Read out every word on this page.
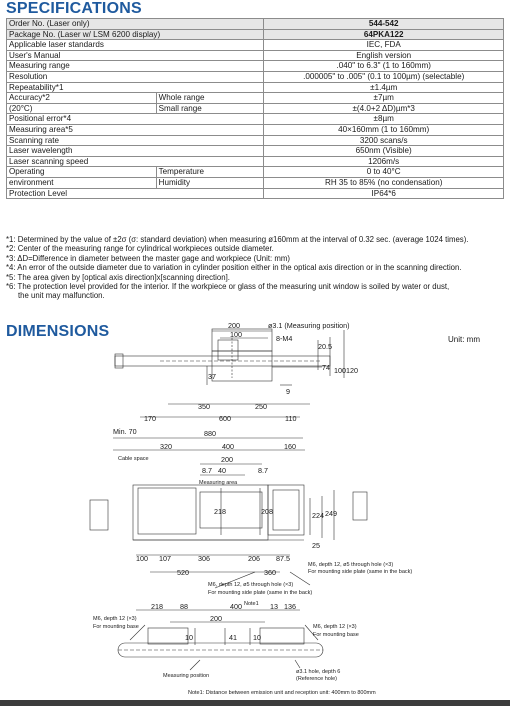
SPECIFICATIONS
Order No. (Laser only)		544-542
Package No. (Laser w/ LSM 6200 display)		64PKA122
Applicable laser standards		IEC, FDA
User's Manual		English version
Measuring range		.040" to 6.3" (1 to 160mm)
Resolution		.000005" to .005" (0.1 to 100µm) (selectable)
Repeatability*1		±1.4µm
Accuracy*2	Whole range	±7µm
(20°C)	Small range	±(4.0+2 ΔD)µm*3
Positional error*4		±8µm
Measuring area*5		40×160mm (1 to 160mm)
Scanning rate		3200 scans/s
Laser wavelength		650nm (Visible)
Laser scanning speed		1206m/s
Operating	Temperature	0 to 40°C
environment	Humidity	RH 35 to 85% (no condensation)
Protection Level		IP64*6
*1: Determined by the value of ±2σ (σ: standard deviation) when measuring ø160mm at the interval of 0.32 sec. (average 1024 times).
*2: Center of the measuring range for cylindrical workpieces outside diameter.
*3: ΔD=Difference in diameter between the master gage and workpiece (Unit: mm)
*4: An error of the outside diameter due to variation in cylinder position either in the optical axis direction or in the scanning direction.
*5: The area given by [optical axis direction]x[scanning direction].
*6: The protection level provided for the interior. If the workpiece or glass of the measuring unit window is soiled by water or dust,
the unit may malfunction.
DIMENSIONS	Unit: mm
200
100
ø3.1 (Measuring position)
8-M4
37
20.5
74 100 120
9
350	250
170	600	110
Min. 70	880
Cable space
320	400	160
200
8.7 40	8.7
Measuring area
218	208	224 249
25
100 107	306	206 87.5
520	360
M6, depth 12, ø5 through hole (×3)
For mounting side plate (same in the back)
M6, depth 12, ø5 through hole (×3)
For mounting side plate (same in the back)
M6, depth 12 (×3)
For mounting base	M6, depth 12 (×3)
For mounting base
218 88	400 Note1 13 136
200
10	41 10
Measuring position
ø3.1 hole, depth 6
(Reference hole)
Note1: Distance between emission unit and reception unit: 400mm to 800mm
